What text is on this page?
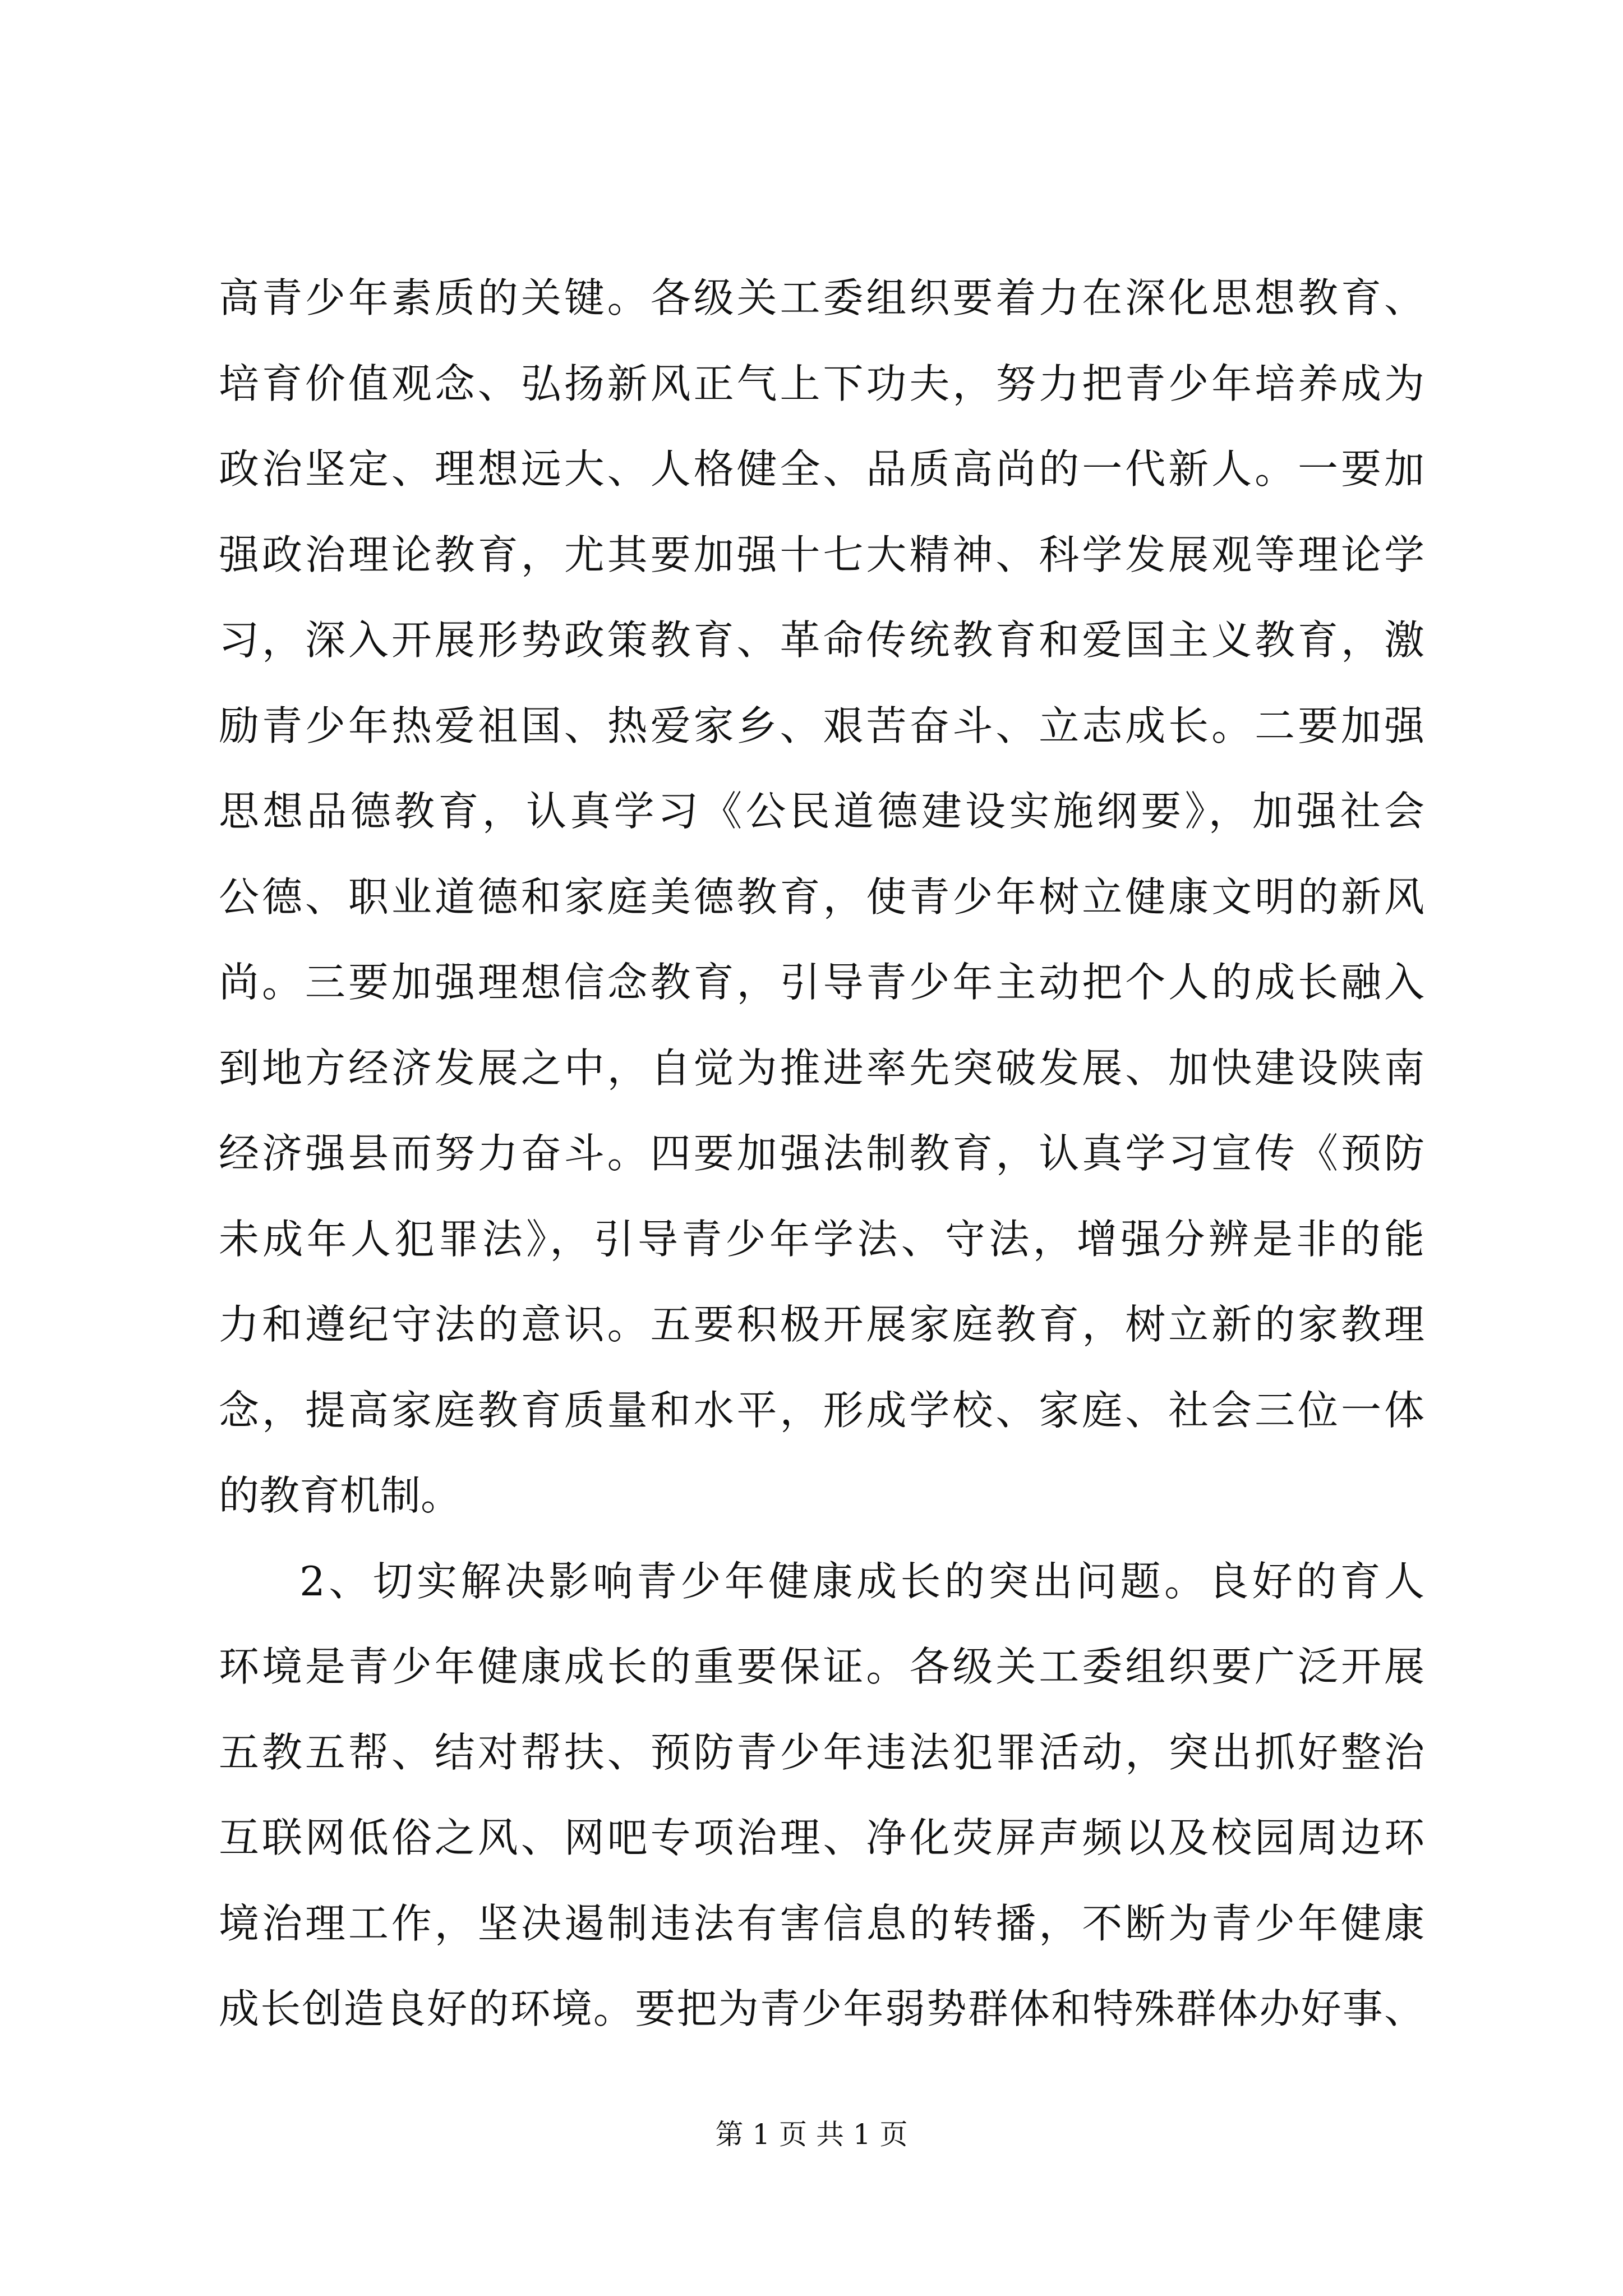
高青少年素质的关键。各级关工委组织要着力在深化思想教育、
培育价值观念、弘扬新风正气上下功夫，努力把青少年培养成为
政治坚定、理想远大、人格健全、品质高尚的一代新人。一要加
强政治理论教育，尤其要加强十七大精神、科学发展观等理论学
习，深入开展形势政策教育、革命传统教育和爱国主义教育，激
励青少年热爱祖国、热爱家乡、艰苦奋斗、立志成长。二要加强
思想品德教育，认真学习《公民道德建设实施纲要》，加强社会
公德、职业道德和家庭美德教育，使青少年树立健康文明的新风
尚。三要加强理想信念教育，引导青少年主动把个人的成长融入
到地方经济发展之中，自觉为推进率先突破发展、加快建设陕南
经济强县而努力奋斗。四要加强法制教育，认真学习宣传《预防
未成年人犯罪法》，引导青少年学法、守法，增强分辨是非的能
力和遵纪守法的意识。五要积极开展家庭教育，树立新的家教理
念，提高家庭教育质量和水平，形成学校、家庭、社会三位一体
的教育机制。
2、切实解决影响青少年健康成长的突出问题。良好的育人
环境是青少年健康成长的重要保证。各级关工委组织要广泛开展
五教五帮、结对帮扶、预防青少年违法犯罪活动，突出抓好整治
互联网低俗之风、网吧专项治理、净化荧屏声频以及校园周边环
境治理工作，坚决遏制违法有害信息的转播，不断为青少年健康
成长创造良好的环境。要把为青少年弱势群体和特殊群体办好事、
第 1 页 共 1 页
